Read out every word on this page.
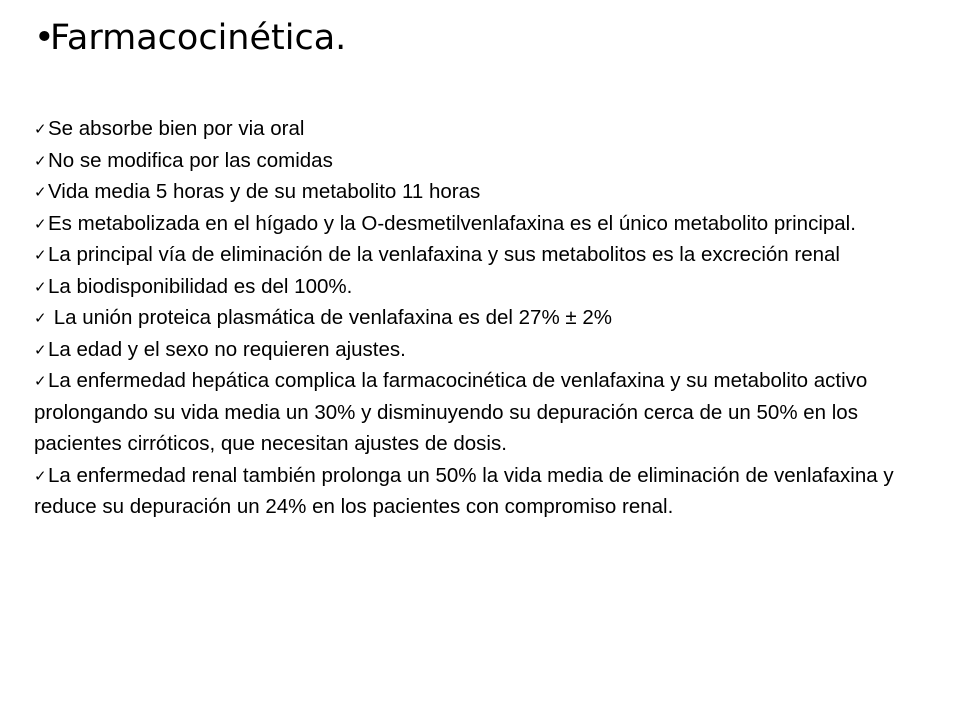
•Farmacocinética.
✓Se absorbe bien por via oral
✓No se modifica por las comidas
✓Vida media 5 horas y de su metabolito 11 horas
✓Es metabolizada en el hígado y la O-desmetilvenlafaxina es el único metabolito principal.
✓La principal vía de eliminación de la venlafaxina y sus metabolitos es la excreción renal
✓La biodisponibilidad es del 100%.
✓ La unión proteica plasmática de venlafaxina es del 27% ± 2%
✓La edad y el sexo no requieren ajustes.
✓La enfermedad hepática complica la farmacocinética de venlafaxina y su metabolito activo prolongando su vida media un 30% y disminuyendo su depuración cerca de un 50% en los pacientes cirróticos, que necesitan ajustes de dosis.
✓La enfermedad renal también prolonga un 50% la vida media de eliminación de venlafaxina y reduce su depuración un 24% en los pacientes con compromiso renal.
